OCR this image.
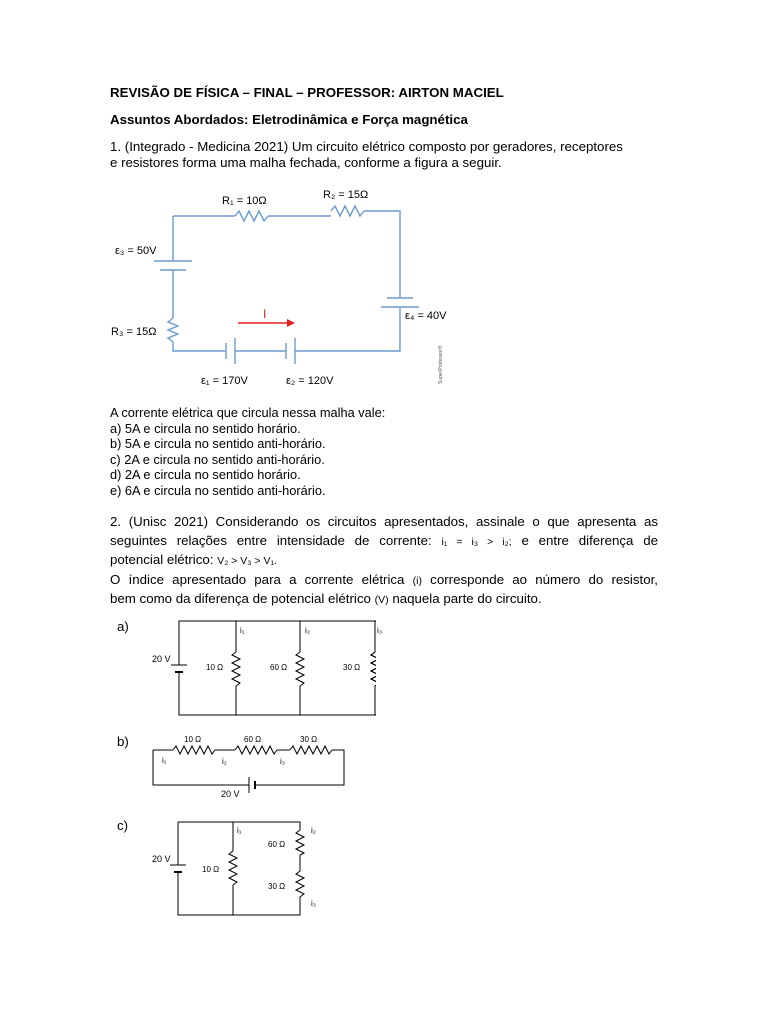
REVISÃO DE FÍSICA – FINAL – PROFESSOR: AIRTON MACIEL
Assuntos Abordados: Eletrodinâmica e Força magnética
1. (Integrado - Medicina 2021) Um circuito elétrico composto por geradores, receptores
e resistores forma uma malha fechada, conforme a figura a seguir.
I
R₁ = 10Ω	R₂ = 15Ω
ε₃ = 50V
ε₄ = 40V
R₃ = 15Ω
ε₁ = 170V	ε₂ = 120V	SuperProfessor®
A corrente elétrica que circula nessa malha vale:
a) 5A e circula no sentido horário.
b) 5A e circula no sentido anti-horário.
c) 2A e circula no sentido anti-horário.
d) 2A e circula no sentido horário.
e) 6A e circula no sentido anti-horário.
2. (Unisc 2021) Considerando os circuitos apresentados, assinale o que apresenta as
seguintes relações entre intensidade de corrente: i₁ = i₃ > i₂; e entre diferença de
potencial elétrico: V₂ > V₃ > V₁.
O índice apresentado para a corrente elétrica (i) corresponde ao número do resistor,
bem como da diferença de potencial elétrico (V) naquela parte do circuito.
a)
20 V
10 Ω	60 Ω	30 Ω
i₁	i₂	i₃
b)	10 Ω	60 Ω	30 Ω
i₁	i₂	i₃
20 V
c)
20 V
10 Ω
60 Ω
30 Ω
i₁	i₂
i₃
